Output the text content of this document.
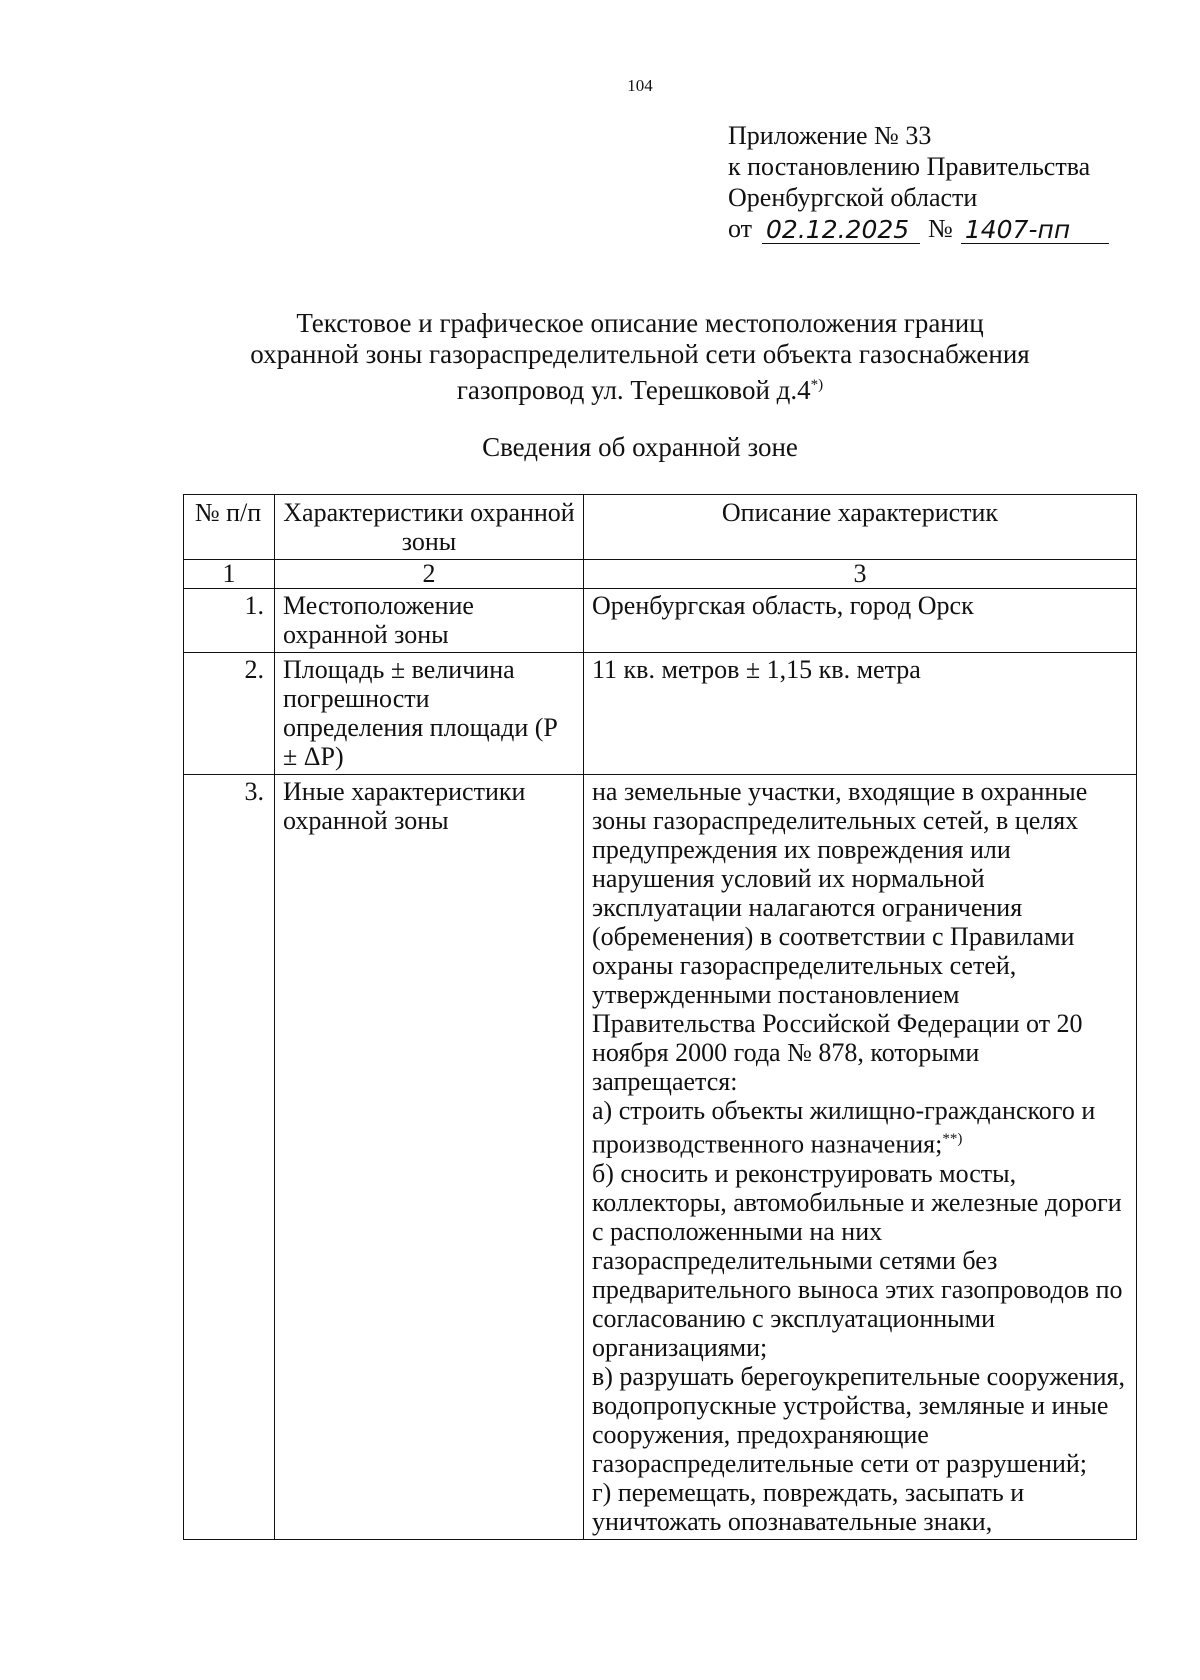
104
Приложение № 33
к постановлению Правительства
Оренбургской области
от 02.12.2025 № 1407-пп
Текстовое и графическое описание местоположения границ
охранной зоны газораспределительной сети объекта газоснабжения
газопровод ул. Терешковой д.4*)
Сведения об охранной зоне
№ п/п	Характеристики охранной зоны	Описание характеристик
1	2	3
1.	Местоположение охранной зоны	Оренбургская область, город Орск
2.	Площадь ± величина погрешности определения площади (Р ± ΔР)	11 кв. метров ± 1,15 кв. метра
3.	Иные характеристики охранной зоны	на земельные участки, входящие в охранные зоны газораспределительных сетей, в целях предупреждения их повреждения или нарушения условий их нормальной эксплуатации налагаются ограничения (обременения) в соответствии с Правилами охраны газораспределительных сетей, утвержденными постановлением Правительства Российской Федерации от 20 ноября 2000 года № 878, которыми запрещается:

а) строить объекты жилищно-гражданского и производственного назначения;**)

б) сносить и реконструировать мосты, коллекторы, автомобильные и железные дороги с расположенными на них газораспределительными сетями без предварительного выноса этих газопроводов по согласованию с эксплуатационными организациями;

в) разрушать берегоукрепительные сооружения, водопропускные устройства, земляные и иные сооружения, предохраняющие газораспределительные сети от разрушений;

г) перемещать, повреждать, засыпать и уничтожать опознавательные знаки,
